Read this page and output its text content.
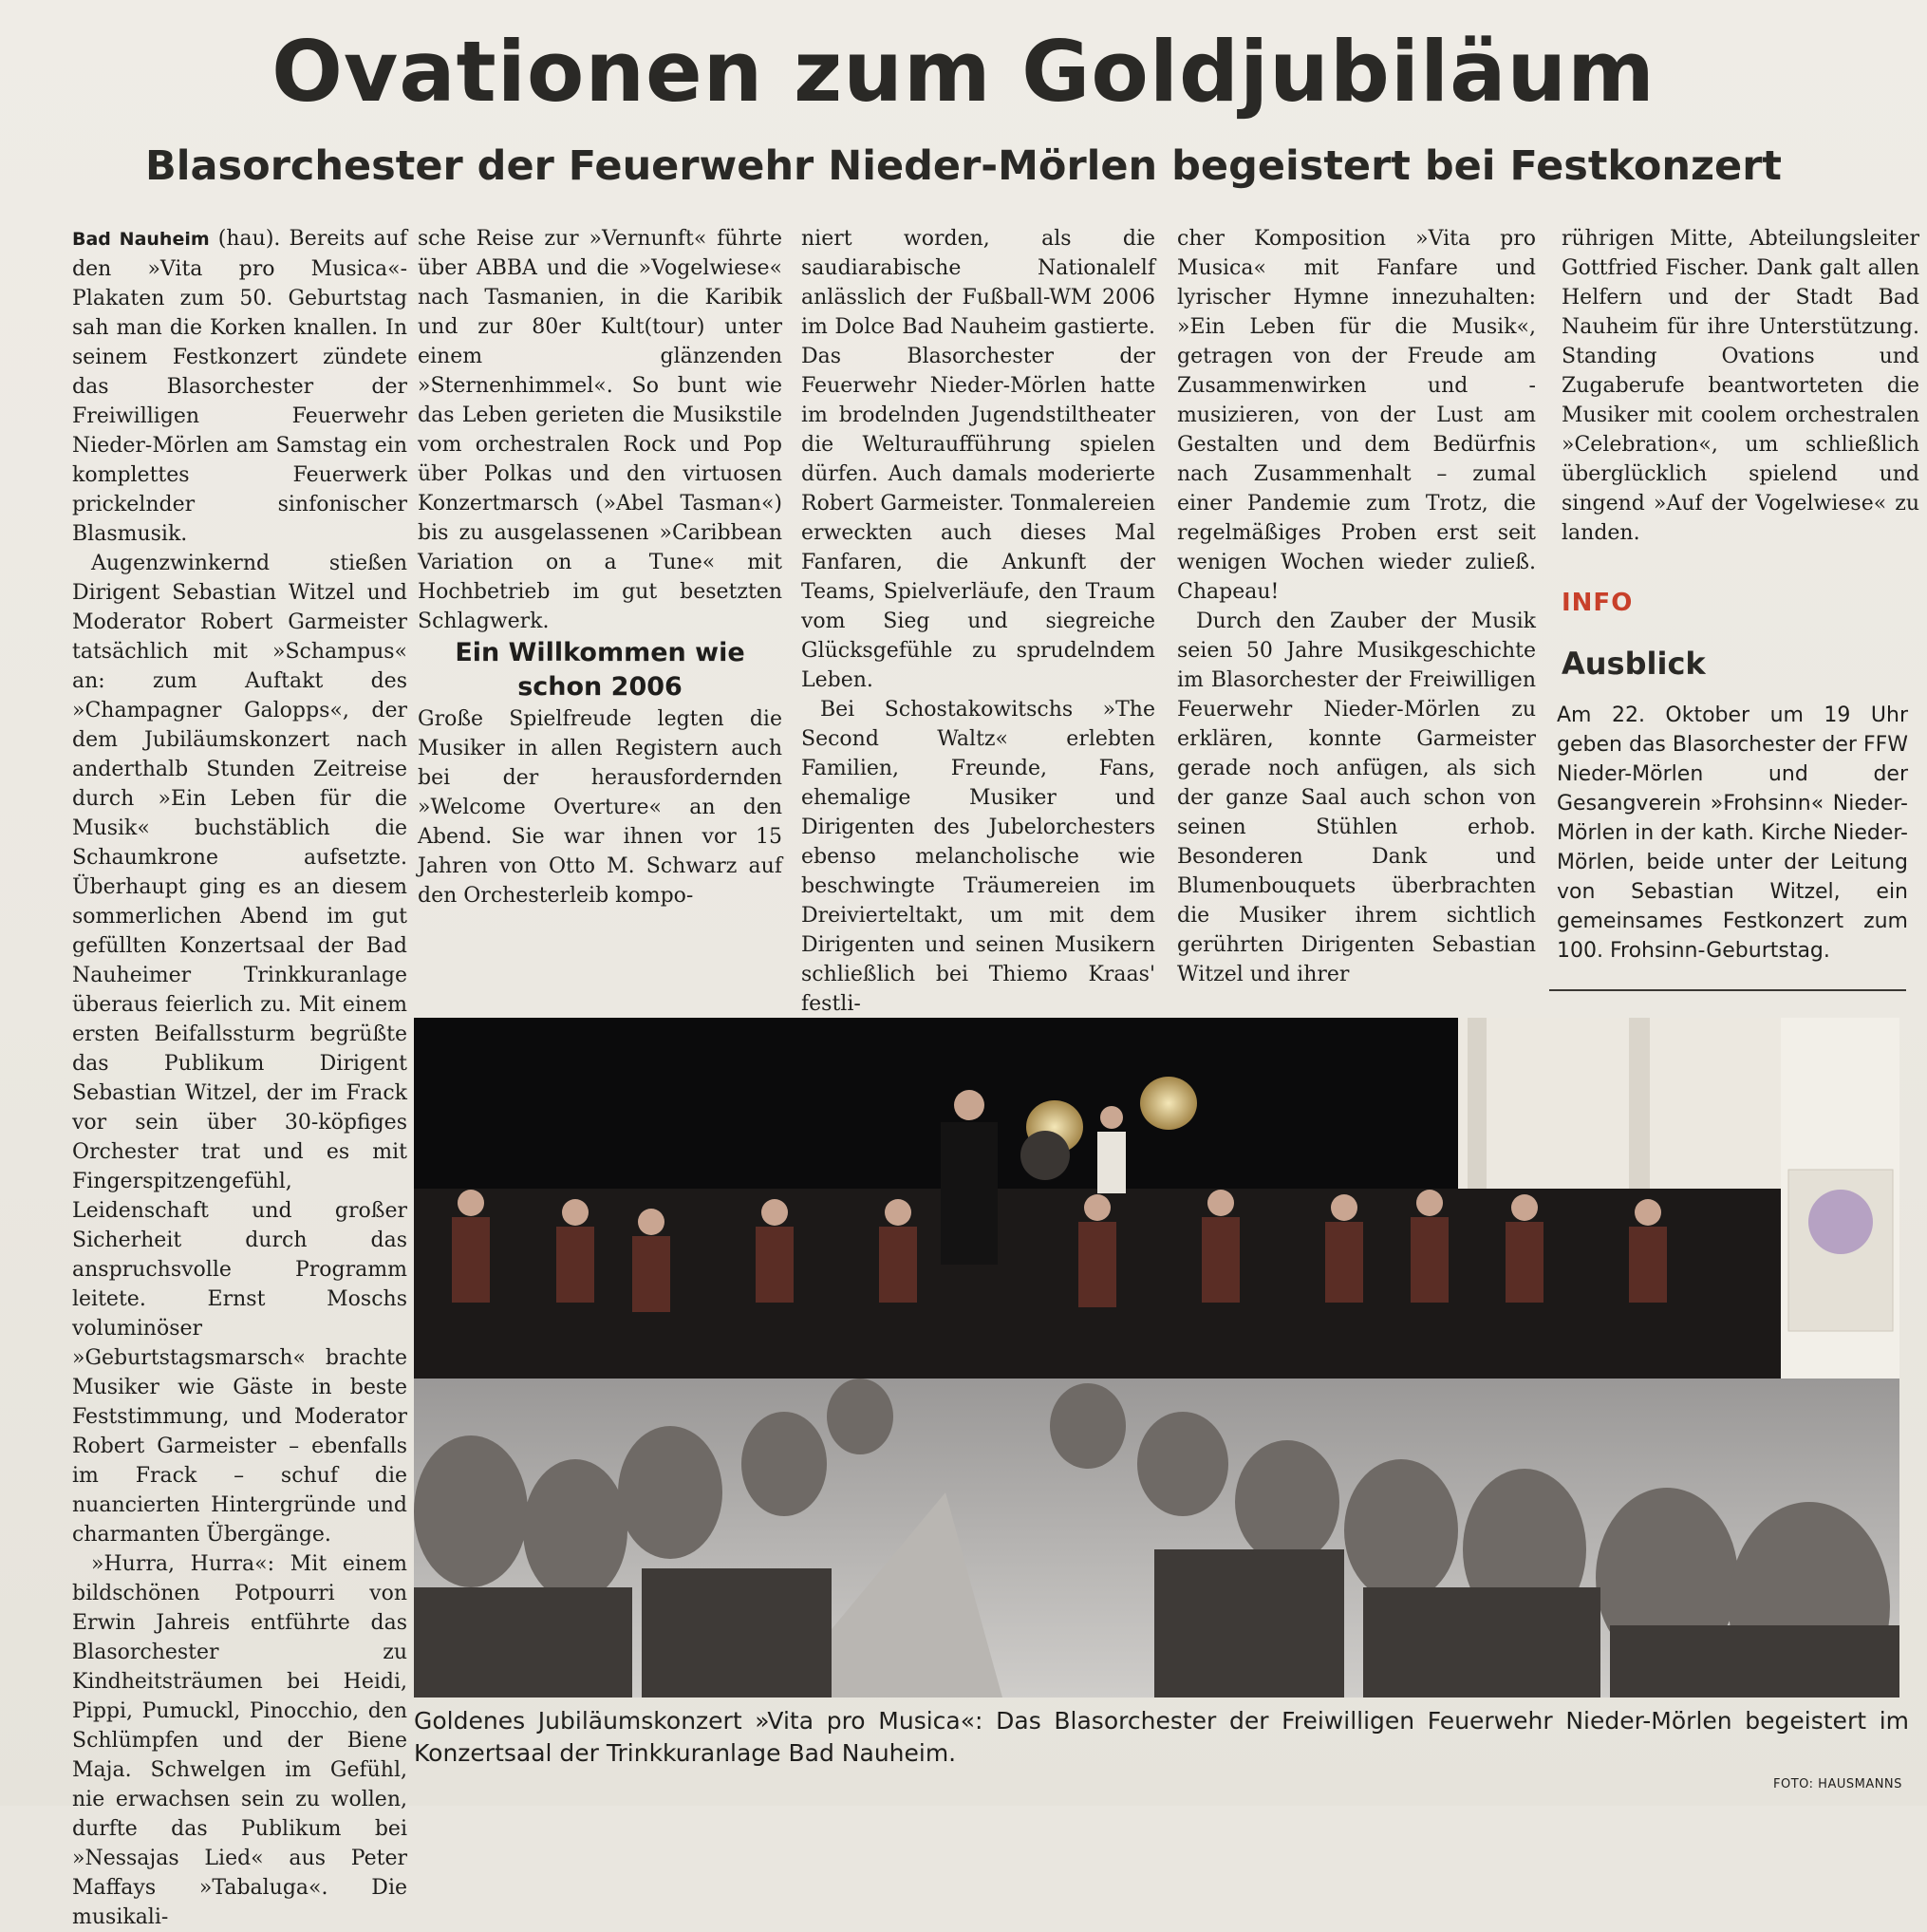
Ovationen zum Goldjubiläum
Blasorchester der Feuerwehr Nieder-Mörlen begeistert bei Festkonzert

Bad Nauheim (hau). Bereits auf den »Vita pro Musica«-Plakaten zum 50. Geburtstag sah man die Korken knallen. In seinem Festkonzert zündete das Blasorchester der Freiwilligen Feuerwehr Nieder-Mörlen am Samstag ein komplettes Feuerwerk prickelnder sinfonischer Blasmusik.

Augenzwinkernd stießen Dirigent Sebastian Witzel und Moderator Robert Garmeister tatsächlich mit »Schampus« an: zum Auftakt des »Champagner Galopps«, der dem Jubiläumskonzert nach anderthalb Stunden Zeitreise durch »Ein Leben für die Musik« buchstäblich die Schaumkrone aufsetzte. Überhaupt ging es an diesem sommerlichen Abend im gut gefüllten Konzertsaal der Bad Nauheimer Trinkkuranlage überaus feierlich zu. Mit einem ersten Beifallssturm begrüßte das Publikum Dirigent Sebastian Witzel, der im Frack vor sein über 30-köpfiges Orchester trat und es mit Fingerspitzengefühl, Leidenschaft und großer Sicherheit durch das anspruchsvolle Programm leitete. Ernst Moschs voluminöser »Geburtstagsmarsch« brachte Musiker wie Gäste in beste Feststimmung, und Moderator Robert Garmeister – ebenfalls im Frack – schuf die nuancierten Hintergründe und charmanten Übergänge.

»Hurra, Hurra«: Mit einem bildschönen Potpourri von Erwin Jahreis entführte das Blasorchester zu Kindheitsträumen bei Heidi, Pippi, Pumuckl, Pinocchio, den Schlümpfen und der Biene Maja. Schwelgen im Gefühl, nie erwachsen sein zu wollen, durfte das Publikum bei »Nessajas Lied« aus Peter Maffays »Tabaluga«. Die musikali-

sche Reise zur »Vernunft« führte über ABBA und die »Vogelwiese« nach Tasmanien, in die Karibik und zur 80er Kult(tour) unter einem glänzenden »Sternenhimmel«. So bunt wie das Leben gerieten die Musikstile vom orchestralen Rock und Pop über Polkas und den virtuosen Konzertmarsch (»Abel Tasman«) bis zu ausgelassenen »Caribbean Variation on a Tune« mit Hochbetrieb im gut besetzten Schlagwerk.

Ein Willkommen wie schon 2006

Große Spielfreude legten die Musiker in allen Registern auch bei der herausfordernden »Welcome Overture« an den Abend. Sie war ihnen vor 15 Jahren von Otto M. Schwarz auf den Orchesterleib kompo-

niert worden, als die saudiarabische Nationalelf anlässlich der Fußball-WM 2006 im Dolce Bad Nauheim gastierte. Das Blasorchester der Feuerwehr Nieder-Mörlen hatte im brodelnden Jugendstiltheater die Welturaufführung spielen dürfen. Auch damals moderierte Robert Garmeister. Tonmalereien erweckten auch dieses Mal Fanfaren, die Ankunft der Teams, Spielverläufe, den Traum vom Sieg und siegreiche Glücksgefühle zu sprudelndem Leben.

Bei Schostakowitschs »The Second Waltz« erlebten Familien, Freunde, Fans, ehemalige Musiker und Dirigenten des Jubelorchesters ebenso melancholische wie beschwingte Träumereien im Dreivierteltakt, um mit dem Dirigenten und seinen Musikern schließlich bei Thiemo Kraas' festli-

cher Komposition »Vita pro Musica« mit Fanfare und lyrischer Hymne innezuhalten: »Ein Leben für die Musik«, getragen von der Freude am Zusammenwirken und -musizieren, von der Lust am Gestalten und dem Bedürfnis nach Zusammenhalt – zumal einer Pandemie zum Trotz, die regelmäßiges Proben erst seit wenigen Wochen wieder zuließ. Chapeau!

Durch den Zauber der Musik seien 50 Jahre Musikgeschichte im Blasorchester der Freiwilligen Feuerwehr Nieder-Mörlen zu erklären, konnte Garmeister gerade noch anfügen, als sich der ganze Saal auch schon von seinen Stühlen erhob. Besonderen Dank und Blumenbouquets überbrachten die Musiker ihrem sichtlich gerührten Dirigenten Sebastian Witzel und ihrer

rührigen Mitte, Abteilungsleiter Gottfried Fischer. Dank galt allen Helfern und der Stadt Bad Nauheim für ihre Unterstützung. Standing Ovations und Zugaberufe beantworteten die Musiker mit coolem orchestralen »Celebration«, um schließlich überglücklich spielend und singend »Auf der Vogelwiese« zu landen.

INFO
Ausblick
Am 22. Oktober um 19 Uhr geben das Blasorchester der FFW Nieder-Mörlen und der Gesangverein »Frohsinn« Nieder-Mörlen in der kath. Kirche Nieder-Mörlen, beide unter der Leitung von Sebastian Witzel, ein gemeinsames Festkonzert zum 100. Frohsinn-Geburtstag.
Goldenes Jubiläumskonzert »Vita pro Musica«: Das Blasorchester der Freiwilligen Feuerwehr Nieder-Mörlen begeistert im Konzertsaal der Trinkkuranlage Bad Nauheim.
FOTO: HAUSMANNS
